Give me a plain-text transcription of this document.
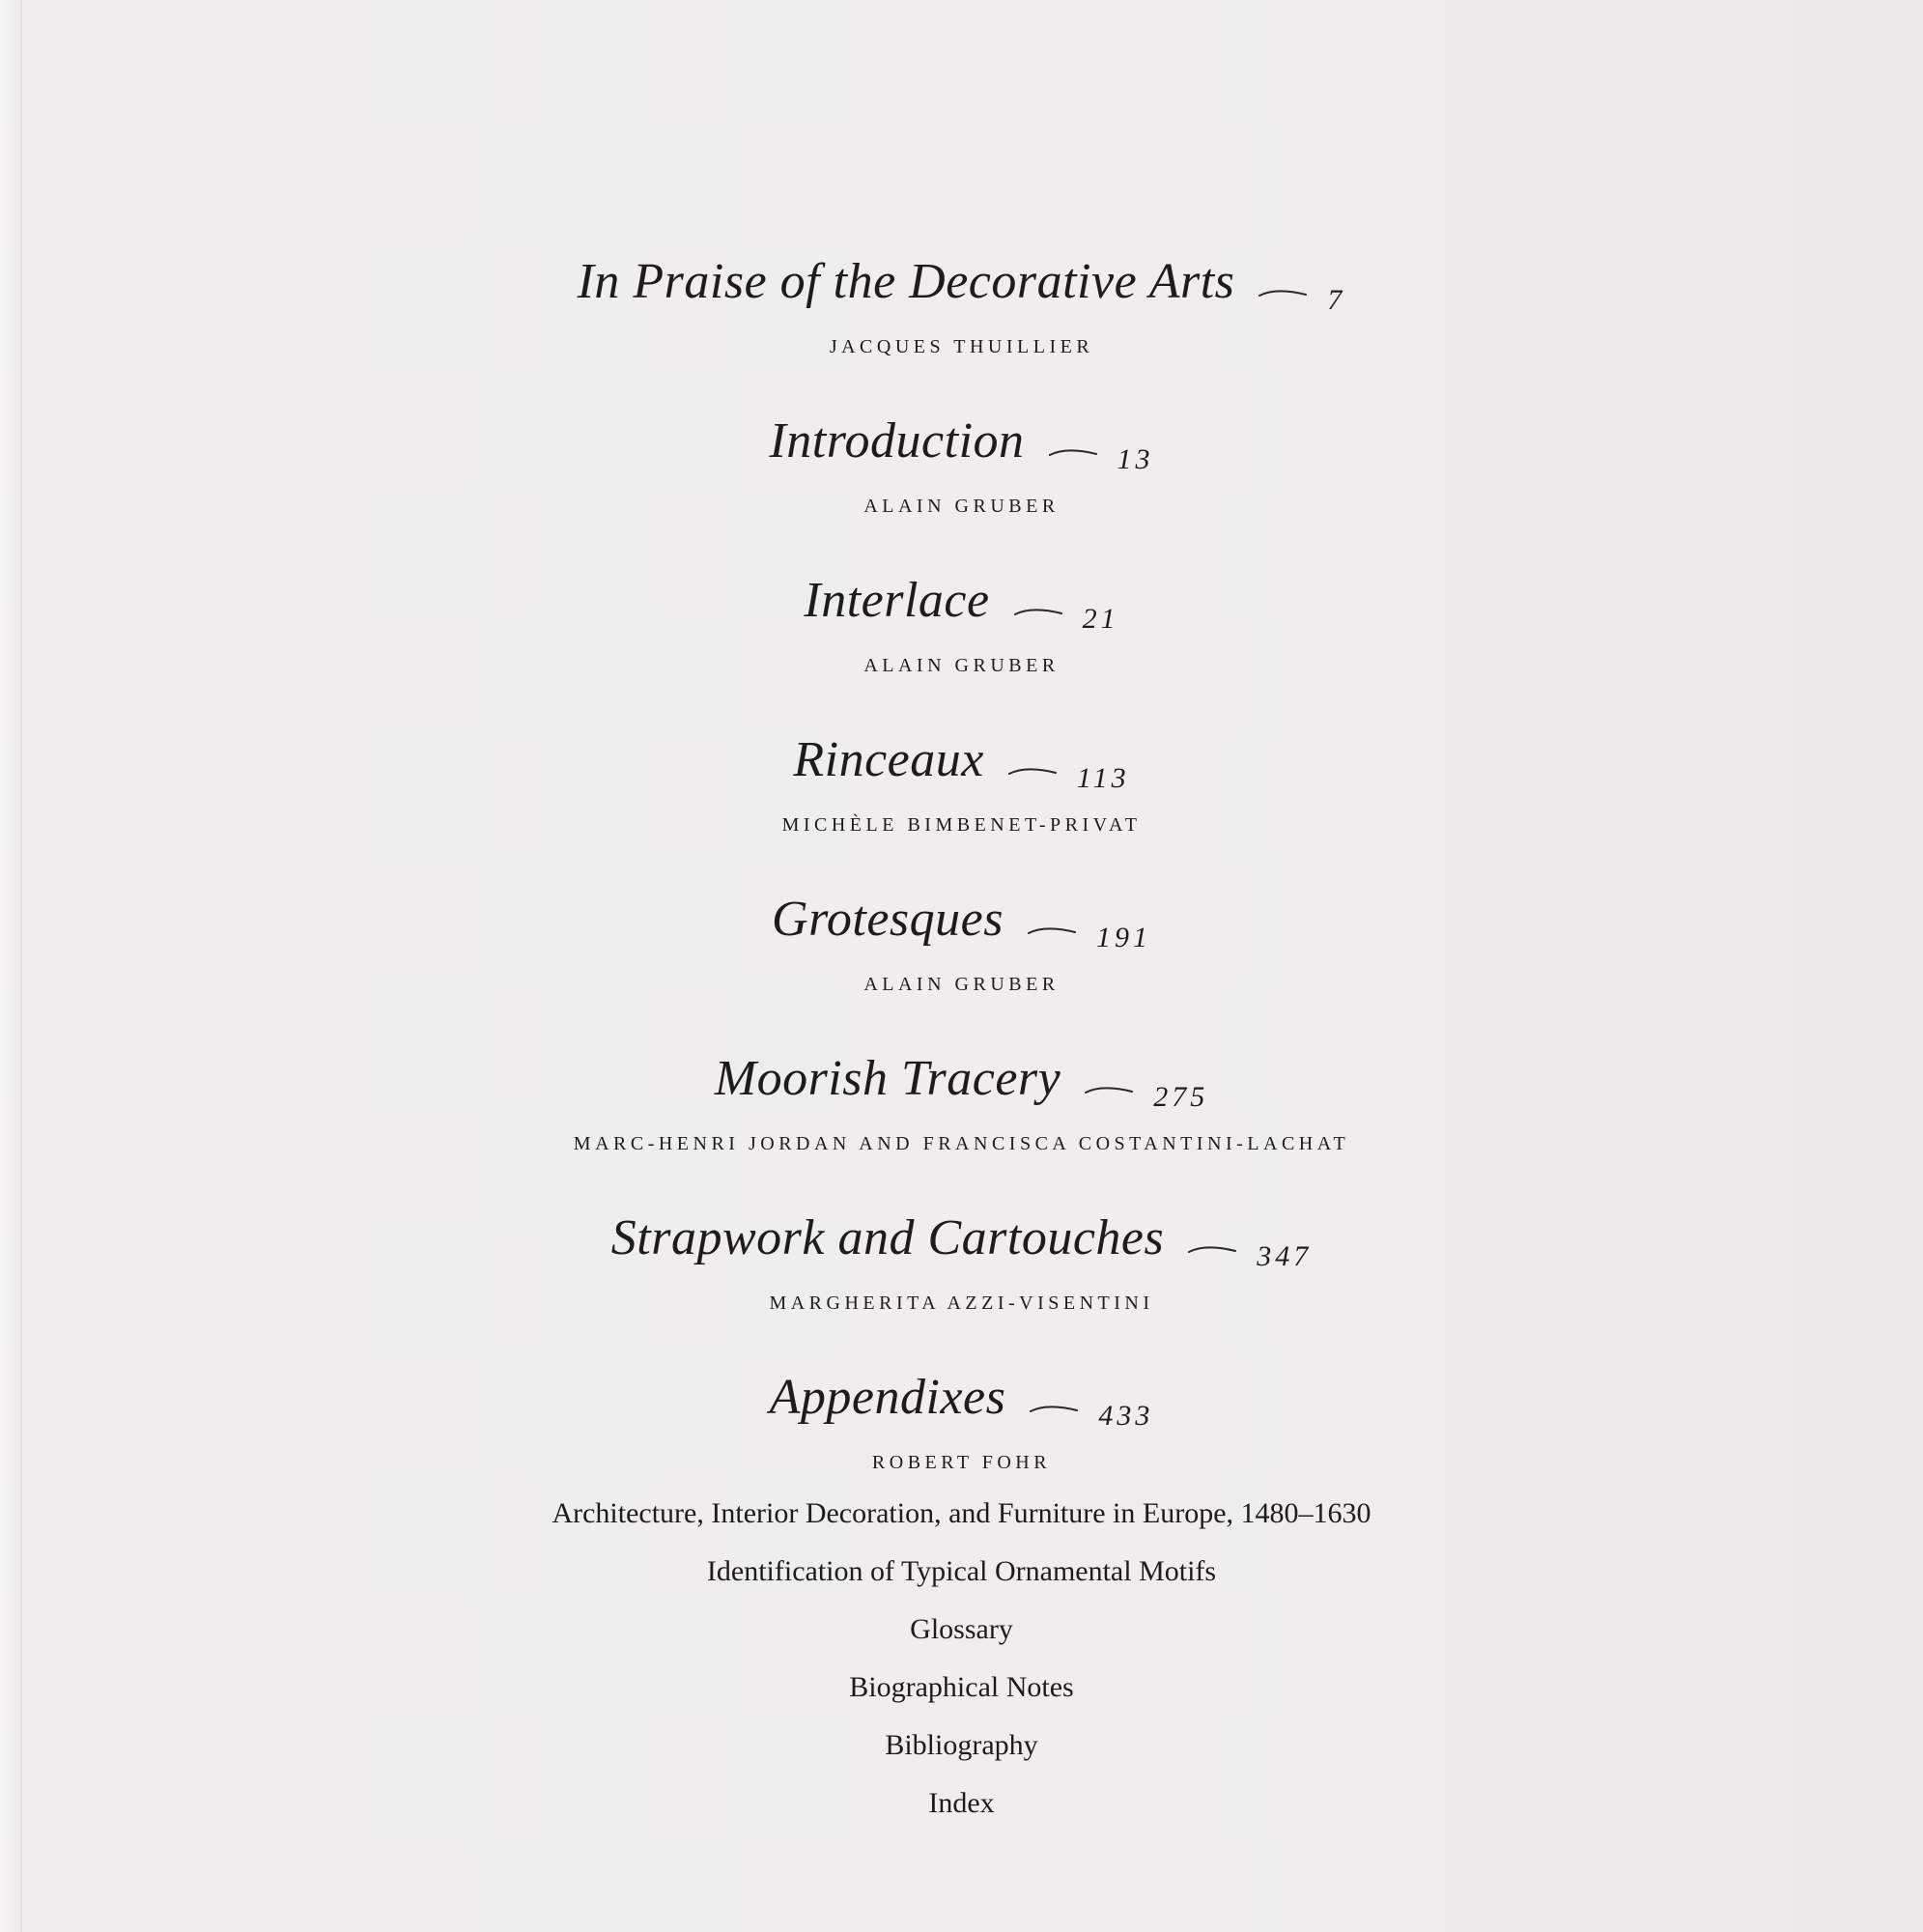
In Praise of the Decorative Arts	7
JACQUES THUILLIER
Introduction	13
ALAIN GRUBER
Interlace	21
ALAIN GRUBER
Rinceaux	113
MICHÈLE BIMBENET-PRIVAT
Grotesques	191
ALAIN GRUBER
Moorish Tracery	275
MARC-HENRI JORDAN AND FRANCISCA COSTANTINI-LACHAT
Strapwork and Cartouches	347
MARGHERITA AZZI-VISENTINI
Appendixes	433
ROBERT FOHR
Architecture, Interior Decoration, and Furniture in Europe, 1480–1630
Identification of Typical Ornamental Motifs
Glossary
Biographical Notes
Bibliography
Index
